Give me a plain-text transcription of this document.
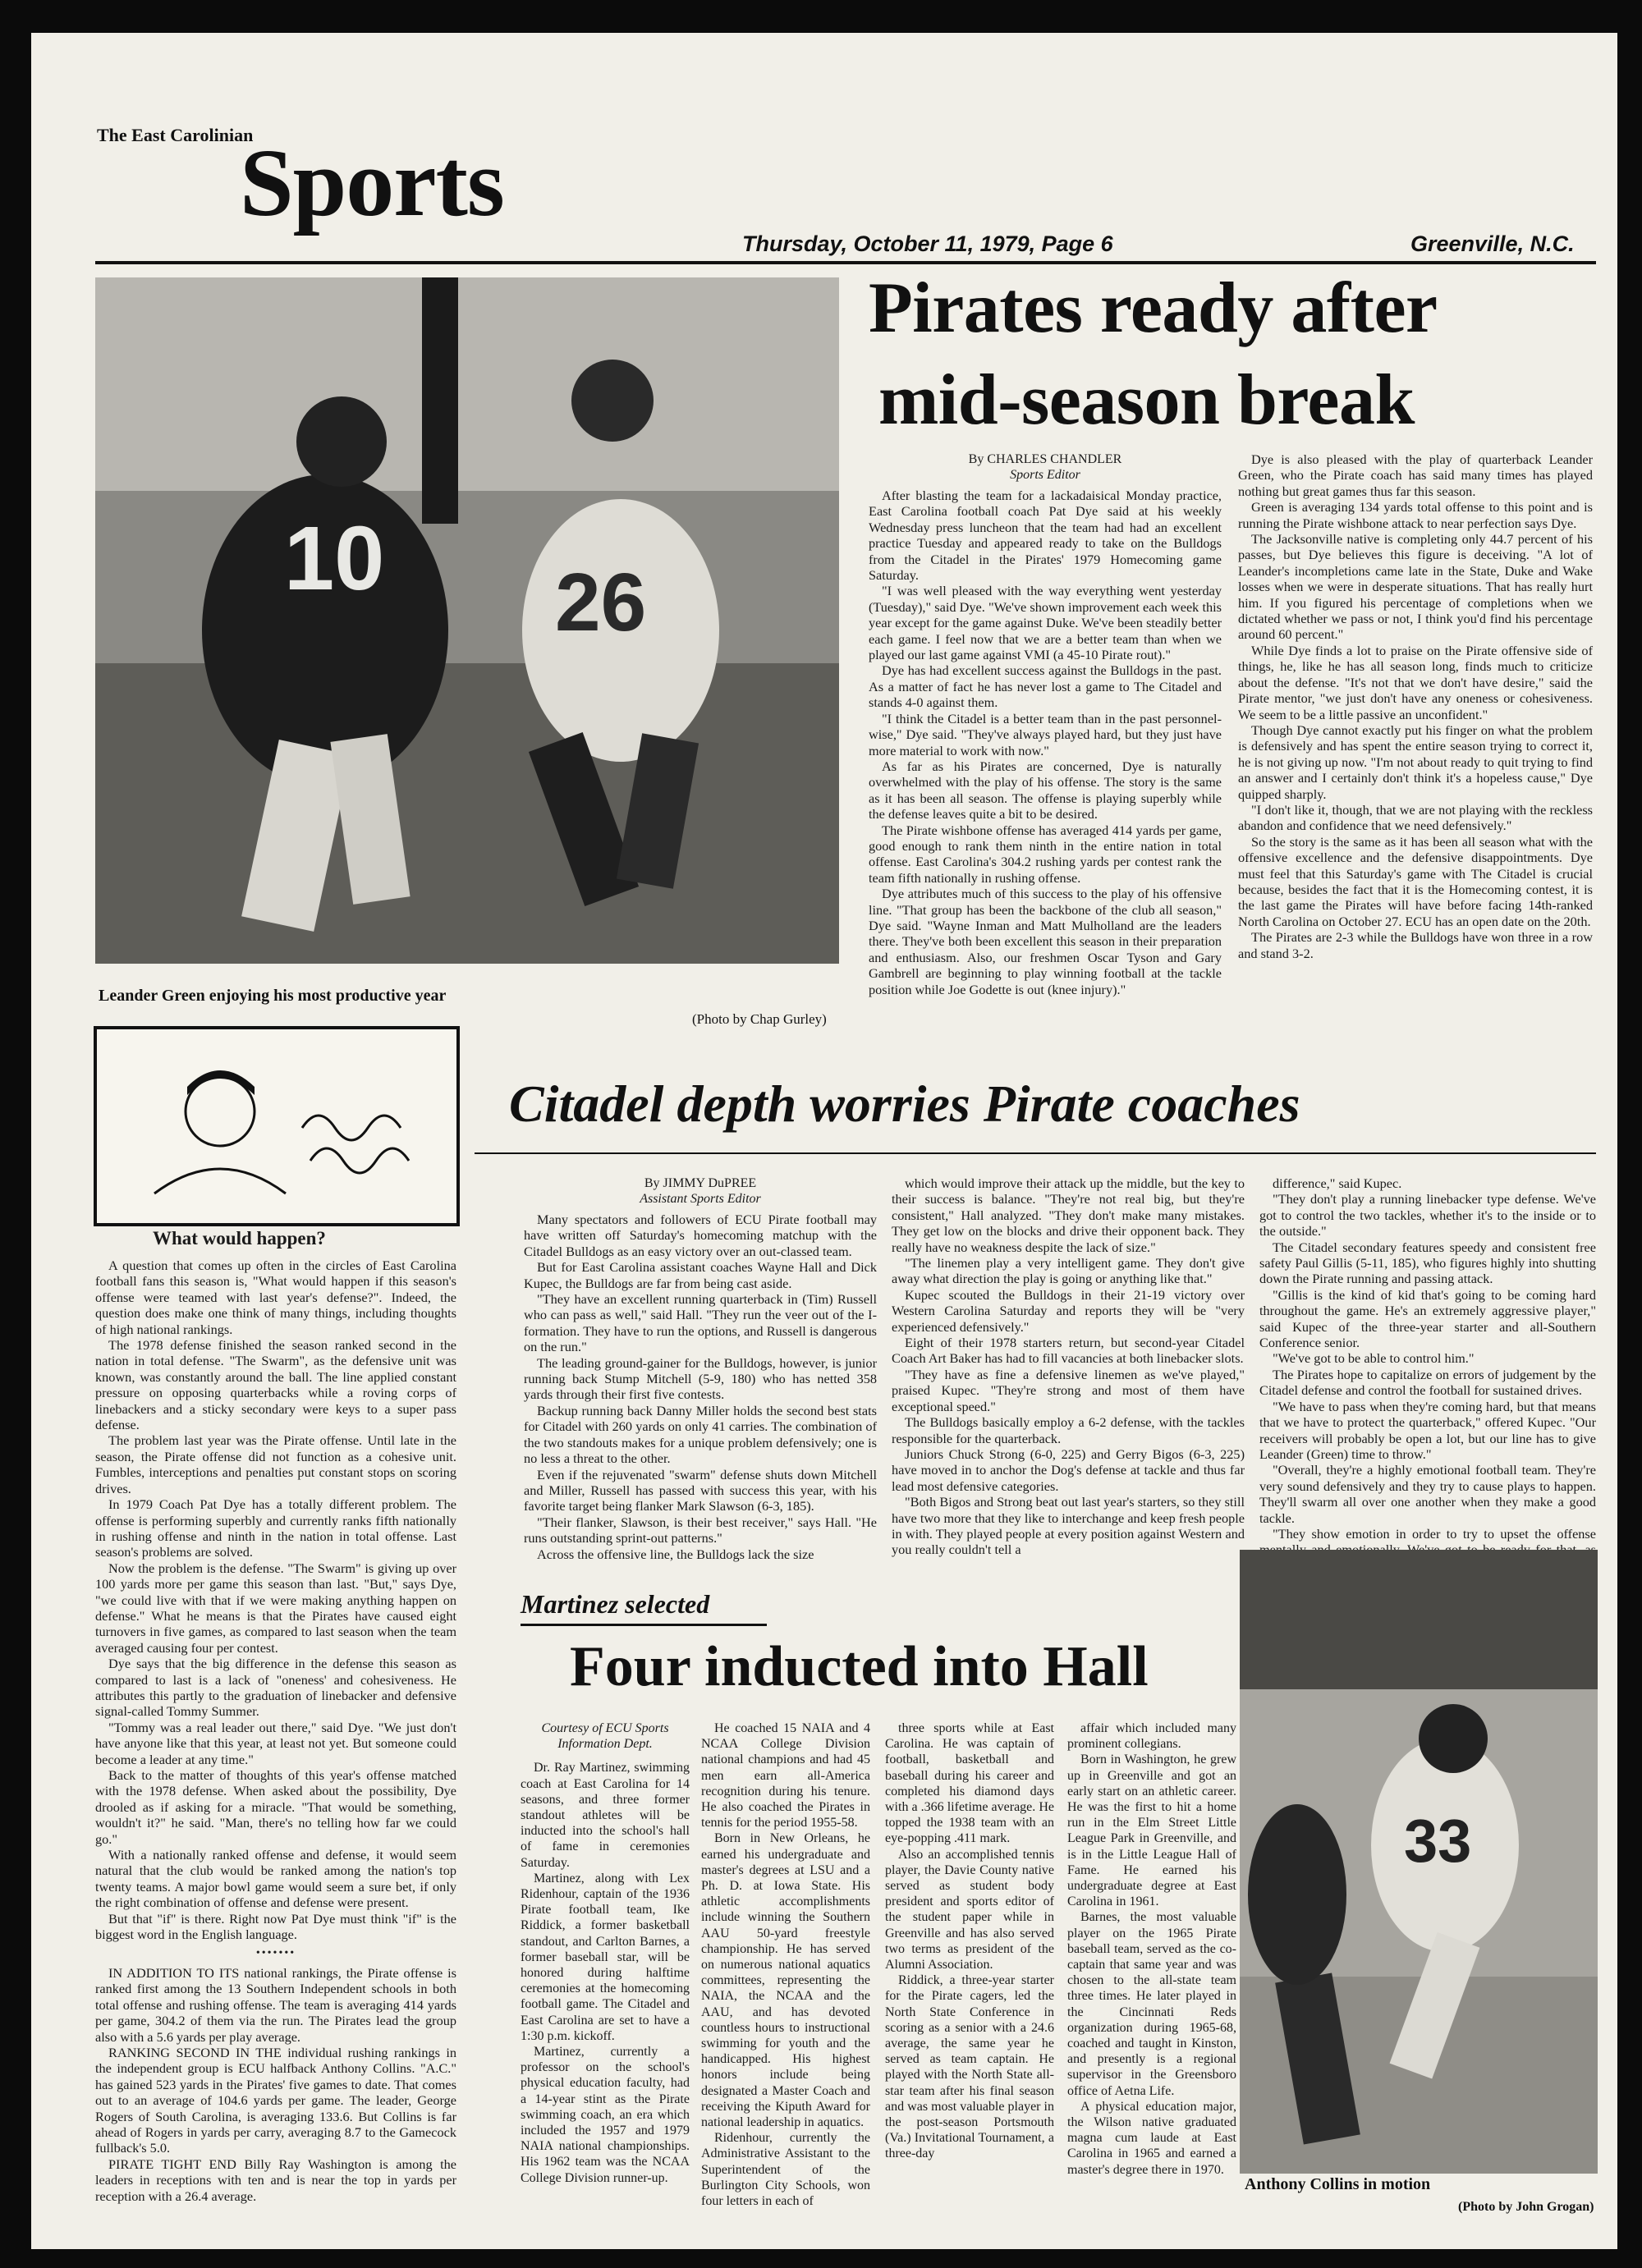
The East Carolinian
Sports
Thursday, October 11, 1979, Page 6	Greenville, N.C.
10 26
Leander Green enjoying his most productive year
(Photo by Chap Gurley)
Pirates ready after
mid-season break
By CHARLES CHANDLER
Sports Editor

After blasting the team for a lackadaisical Monday practice, East Carolina football coach Pat Dye said at his weekly Wednesday press luncheon that the team had had an excellent practice Tuesday and appeared ready to take on the Bulldogs from the Citadel in the Pirates' 1979 Homecoming game Saturday.

"I was well pleased with the way everything went yesterday (Tuesday)," said Dye. "We've shown improvement each week this year except for the game against Duke. We've been steadily better each game. I feel now that we are a better team than when we played our last game against VMI (a 45-10 Pirate rout)."

Dye has had excellent success against the Bulldogs in the past. As a matter of fact he has never lost a game to The Citadel and stands 4-0 against them.

"I think the Citadel is a better team than in the past personnel-wise," Dye said. "They've always played hard, but they just have more material to work with now."

As far as his Pirates are concerned, Dye is naturally overwhelmed with the play of his offense. The story is the same as it has been all season. The offense is playing superbly while the defense leaves quite a bit to be desired.

The Pirate wishbone offense has averaged 414 yards per game, good enough to rank them ninth in the entire nation in total offense. East Carolina's 304.2 rushing yards per contest rank the team fifth nationally in rushing offense.

Dye attributes much of this success to the play of his offensive line. "That group has been the backbone of the club all season," Dye said. "Wayne Inman and Matt Mulholland are the leaders there. They've both been excellent this season in their preparation and enthusiasm. Also, our freshmen Oscar Tyson and Gary Gambrell are beginning to play winning football at the tackle position while Joe Godette is out (knee injury)."

Dye is also pleased with the play of quarterback Leander Green, who the Pirate coach has said many times has played nothing but great games thus far this season.

Green is averaging 134 yards total offense to this point and is running the Pirate wishbone attack to near perfection says Dye.

The Jacksonville native is completing only 44.7 percent of his passes, but Dye believes this figure is deceiving. "A lot of Leander's incompletions came late in the State, Duke and Wake losses when we were in desperate situations. That has really hurt him. If you figured his percentage of completions when we dictated whether we pass or not, I think you'd find his percentage around 60 percent."

While Dye finds a lot to praise on the Pirate offensive side of things, he, like he has all season long, finds much to criticize about the defense. "It's not that we don't have desire," said the Pirate mentor, "we just don't have any oneness or cohesiveness. We seem to be a little passive an unconfident."

Though Dye cannot exactly put his finger on what the problem is defensively and has spent the entire season trying to correct it, he is not giving up now. "I'm not about ready to quit trying to find an answer and I certainly don't think it's a hopeless cause," Dye quipped sharply.

"I don't like it, though, that we are not playing with the reckless abandon and confidence that we need defensively."

So the story is the same as it has been all season what with the offensive excellence and the defensive disappointments. Dye must feel that this Saturday's game with The Citadel is crucial because, besides the fact that it is the Homecoming contest, it is the last game the Pirates will have before facing 14th-ranked North Carolina on October 27. ECU has an open date on the 20th.

The Pirates are 2-3 while the Bulldogs have won three in a row and stand 3-2.

Citadel depth worries Pirate coaches
What would happen?

A question that comes up often in the circles of East Carolina football fans this season is, "What would happen if this season's offense were teamed with last year's defense?". Indeed, the question does make one think of many things, including thoughts of high national rankings.

The 1978 defense finished the season ranked second in the nation in total defense. "The Swarm", as the defensive unit was known, was constantly around the ball. The line applied constant pressure on opposing quarterbacks while a roving corps of linebackers and a sticky secondary were keys to a super pass defense.

The problem last year was the Pirate offense. Until late in the season, the Pirate offense did not function as a cohesive unit. Fumbles, interceptions and penalties put constant stops on scoring drives.

In 1979 Coach Pat Dye has a totally different problem. The offense is performing superbly and currently ranks fifth nationally in rushing offense and ninth in the nation in total offense. Last season's problems are solved.

Now the problem is the defense. "The Swarm" is giving up over 100 yards more per game this season than last. "But," says Dye, "we could live with that if we were making anything happen on defense." What he means is that the Pirates have caused eight turnovers in five games, as compared to last season when the team averaged causing four per contest.

Dye says that the big difference in the defense this season as compared to last is a lack of "oneness' and cohesiveness. He attributes this partly to the graduation of linebacker and defensive signal-called Tommy Summer.

"Tommy was a real leader out there," said Dye. "We just don't have anyone like that this year, at least not yet. But someone could become a leader at any time."

Back to the matter of thoughts of this year's offense matched with the 1978 defense. When asked about the possibility, Dye drooled as if asking for a miracle. "That would be something, wouldn't it?" he said. "Man, there's no telling how far we could go."

With a nationally ranked offense and defense, it would seem natural that the club would be ranked among the nation's top twenty teams. A major bowl game would seem a sure bet, if only the right combination of offense and defense were present.

But that "if" is there. Right now Pat Dye must think "if" is the biggest word in the English language.

•••••••

IN ADDITION TO ITS national rankings, the Pirate offense is ranked first among the 13 Southern Independent schools in both total offense and rushing offense. The team is averaging 414 yards per game, 304.2 of them via the run. The Pirates lead the group also with a 5.6 yards per play average.

RANKING SECOND IN THE individual rushing rankings in the independent group is ECU halfback Anthony Collins. "A.C." has gained 523 yards in the Pirates' five games to date. That comes out to an average of 104.6 yards per game. The leader, George Rogers of South Carolina, is averaging 133.6. But Collins is far ahead of Rogers in yards per carry, averaging 8.7 to the Gamecock fullback's 5.0.

PIRATE TIGHT END Billy Ray Washington is among the leaders in receptions with ten and is near the top in yards per reception with a 26.4 average.

By JIMMY DuPREE
Assistant Sports Editor

Many spectators and followers of ECU Pirate football may have written off Saturday's homecoming matchup with the Citadel Bulldogs as an easy victory over an out-classed team.

But for East Carolina assistant coaches Wayne Hall and Dick Kupec, the Bulldogs are far from being cast aside.

"They have an excellent running quarterback in (Tim) Russell who can pass as well," said Hall. "They run the veer out of the I-formation. They have to run the options, and Russell is dangerous on the run."

The leading ground-gainer for the Bulldogs, however, is junior running back Stump Mitchell (5-9, 180) who has netted 358 yards through their first five contests.

Backup running back Danny Miller holds the second best stats for Citadel with 260 yards on only 41 carries. The combination of the two standouts makes for a unique problem defensively; one is no less a threat to the other.

Even if the rejuvenated "swarm" defense shuts down Mitchell and Miller, Russell has passed with success this year, with his favorite target being flanker Mark Slawson (6-3, 185).

"Their flanker, Slawson, is their best receiver," says Hall. "He runs outstanding sprint-out patterns."

Across the offensive line, the Bulldogs lack the size

which would improve their attack up the middle, but the key to their success is balance. "They're not real big, but they're consistent," Hall analyzed. "They don't make many mistakes. They get low on the blocks and drive their opponent back. They really have no weakness despite the lack of size."

"The linemen play a very intelligent game. They don't give away what direction the play is going or anything like that."

Kupec scouted the Bulldogs in their 21-19 victory over Western Carolina Saturday and reports they will be "very experienced defensively."

Eight of their 1978 starters return, but second-year Citadel Coach Art Baker has had to fill vacancies at both linebacker slots.

"They have as fine a defensive linemen as we've played," praised Kupec. "They're strong and most of them have exceptional speed."

The Bulldogs basically employ a 6-2 defense, with the tackles responsible for the quarterback.

Juniors Chuck Strong (6-0, 225) and Gerry Bigos (6-3, 225) have moved in to anchor the Dog's defense at tackle and thus far lead most defensive categories.

"Both Bigos and Strong beat out last year's starters, so they still have two more that they like to interchange and keep fresh people in with. They played people at every position against Western and you really couldn't tell a

difference," said Kupec.

"They don't play a running linebacker type defense. We've got to control the two tackles, whether it's to the inside or to the outside."

The Citadel secondary features speedy and consistent free safety Paul Gillis (5-11, 185), who figures highly into shutting down the Pirate running and passing attack.

"Gillis is the kind of kid that's going to be coming hard throughout the game. He's an extremely aggressive player," said Kupec of the three-year starter and all-Southern Conference senior.

"We've got to be able to control him."

The Pirates hope to capitalize on errors of judgement by the Citadel defense and control the football for sustained drives.

"We have to pass when they're coming hard, but that means that we have to protect the quarterback," offered Kupec. "Our receivers will probably be open a lot, but our line has to give Leander (Green) time to throw."

"Overall, they're a highly emotional football team. They're very sound defensively and they try to cause plays to happen. They'll swarm all over one another when they make a good tackle.

"They show emotion in order to try to upset the offense

Martinez selected
Four inducted into Hall
Courtesy of ECU Sports Information Dept.

Dr. Ray Martinez, swimming coach at East Carolina for 14 seasons, and three former standout athletes will be inducted into the school's hall of fame in ceremonies Saturday.

Martinez, along with Lex Ridenhour, captain of the 1936 Pirate football team, Ike Riddick, a former basketball standout, and Carlton Barnes, a former baseball star, will be honored during halftime ceremonies at the homecoming football game. The Citadel and East Carolina are set to have a 1:30 p.m. kickoff.

Martinez, currently a professor on the school's physical education faculty, had a 14-year stint as the Pirate swimming coach, an era which included the 1957 and 1979 NAIA national championships. His 1962 team was the NCAA College Division runner-up.

He coached 15 NAIA and 4 NCAA College Division national champions and had 45 men earn all-America recognition during his tenure. He also coached the Pirates in tennis for the period 1955-58.

Born in New Orleans, he earned his undergraduate and master's degrees at LSU and a Ph. D. at Iowa State. His athletic accomplishments include winning the Southern AAU 50-yard freestyle championship. He has served on numerous national aquatics committees, representing the NAIA, the NCAA and the AAU, and has devoted countless hours to instructional swimming for youth and the handicapped. His highest honors include being designated a Master Coach and receiving the Kiputh Award for national leadership in aquatics.

Ridenhour, currently the Administrative Assistant to the Superintendent of the Burlington City Schools, won four letters in each of

three sports while at East Carolina. He was captain of football, basketball and baseball during his career and completed his diamond days with a .366 lifetime average. He topped the 1938 team with an eye-popping .411 mark.

Also an accomplished tennis player, the Davie County native served as student body president and sports editor of the student paper while in Greenville and has also served two terms as president of the Alumni Association.

Riddick, a three-year starter for the Pirate cagers, led the North State Conference in scoring as a senior with a 24.6 average, the same year he served as team captain. He played with the North State all-star team after his final season and was most valuable player in the post-season Portsmouth (Va.) Invitational Tournament, a three-day

affair which included many prominent collegians.

Born in Washington, he grew up in Greenville and got an early start on an athletic career. He was the first to hit a home run in the Elm Street Little League Park in Greenville, and is in the Little League Hall of Fame. He earned his undergraduate degree at East Carolina in 1961.

Barnes, the most valuable player on the 1965 Pirate baseball team, served as the co-captain that same year and was chosen to the all-state team three times. He later played in the Cincinnati Reds organization during 1965-68, coached and taught in Kinston, and presently is a regional supervisor in the Greensboro office of Aetna Life.

A physical education major, the Wilson native graduated magna cum laude at East Carolina in 1965 and earned a master's degree there in 1970.

33
Anthony Collins in motion
(Photo by John Grogan)
